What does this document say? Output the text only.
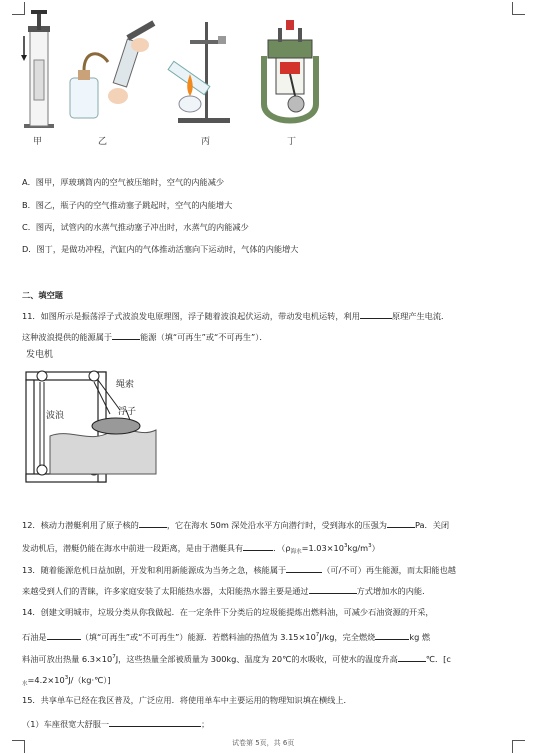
甲	乙	丙	丁
A．图甲，厚玻璃筒内的空气被压缩时，空气的内能减少
B．图乙，瓶子内的空气推动塞子跳起时，空气的内能增大
C．图丙，试管内的水蒸气推动塞子冲出时，水蒸气的内能减少
D．图丁，是做功冲程，汽缸内的气体推动活塞向下运动时，气体的内能增大
二、填空题
11．如图所示是振荡浮子式波浪发电原理图，浮子随着波浪起伏运动，带动发电机运转，利用	原理产生电流．
这种波浪提供的能源属于	能源（填“可再生”或“不可再生”）．
发电机
绳索
浮子
波浪
12．核动力潜艇利用了原子核的	，它在海水 50m 深处沿水平方向潜行时，受到海水的压强为	Pa．关闭
发动机后，潜艇仍能在海水中前进一段距离，是由于潜艇具有	．$(\rho_{海水}=1.03\times 10^3kg/m^3)$
13．随着能源危机日益加剧，开发和利用新能源成为当务之急，核能属于	（可/不可）再生能源，而太阳能也越
来越受到人们的青睐，许多家庭安装了太阳能热水器，太阳能热水器主要是通过	方式增加水的内能．
14．创建文明城市，垃圾分类从你我做起．在一定条件下分类后的垃圾能提炼出燃料油，可减少石油资源的开采，
石油是	（填“可再生”或“不可再生”）能源．若燃料油的热值为 $3.15\times 10^7J/kg$，完全燃烧	kg 燃
料油可放出热量 $6.3\times 10^7J$，这些热量全部被质量为 300kg、温度为 20℃的水吸收，可使水的温度升高	℃．[c
$_水=4.2\times 10^3J/(kg\cdot℃)$]
15．共享单车已经在我区普及，广泛应用．将使用单车中主要运用的物理知识填在横线上．
（1）车座很宽大舒服一	；
试卷第 5页，共 6页
